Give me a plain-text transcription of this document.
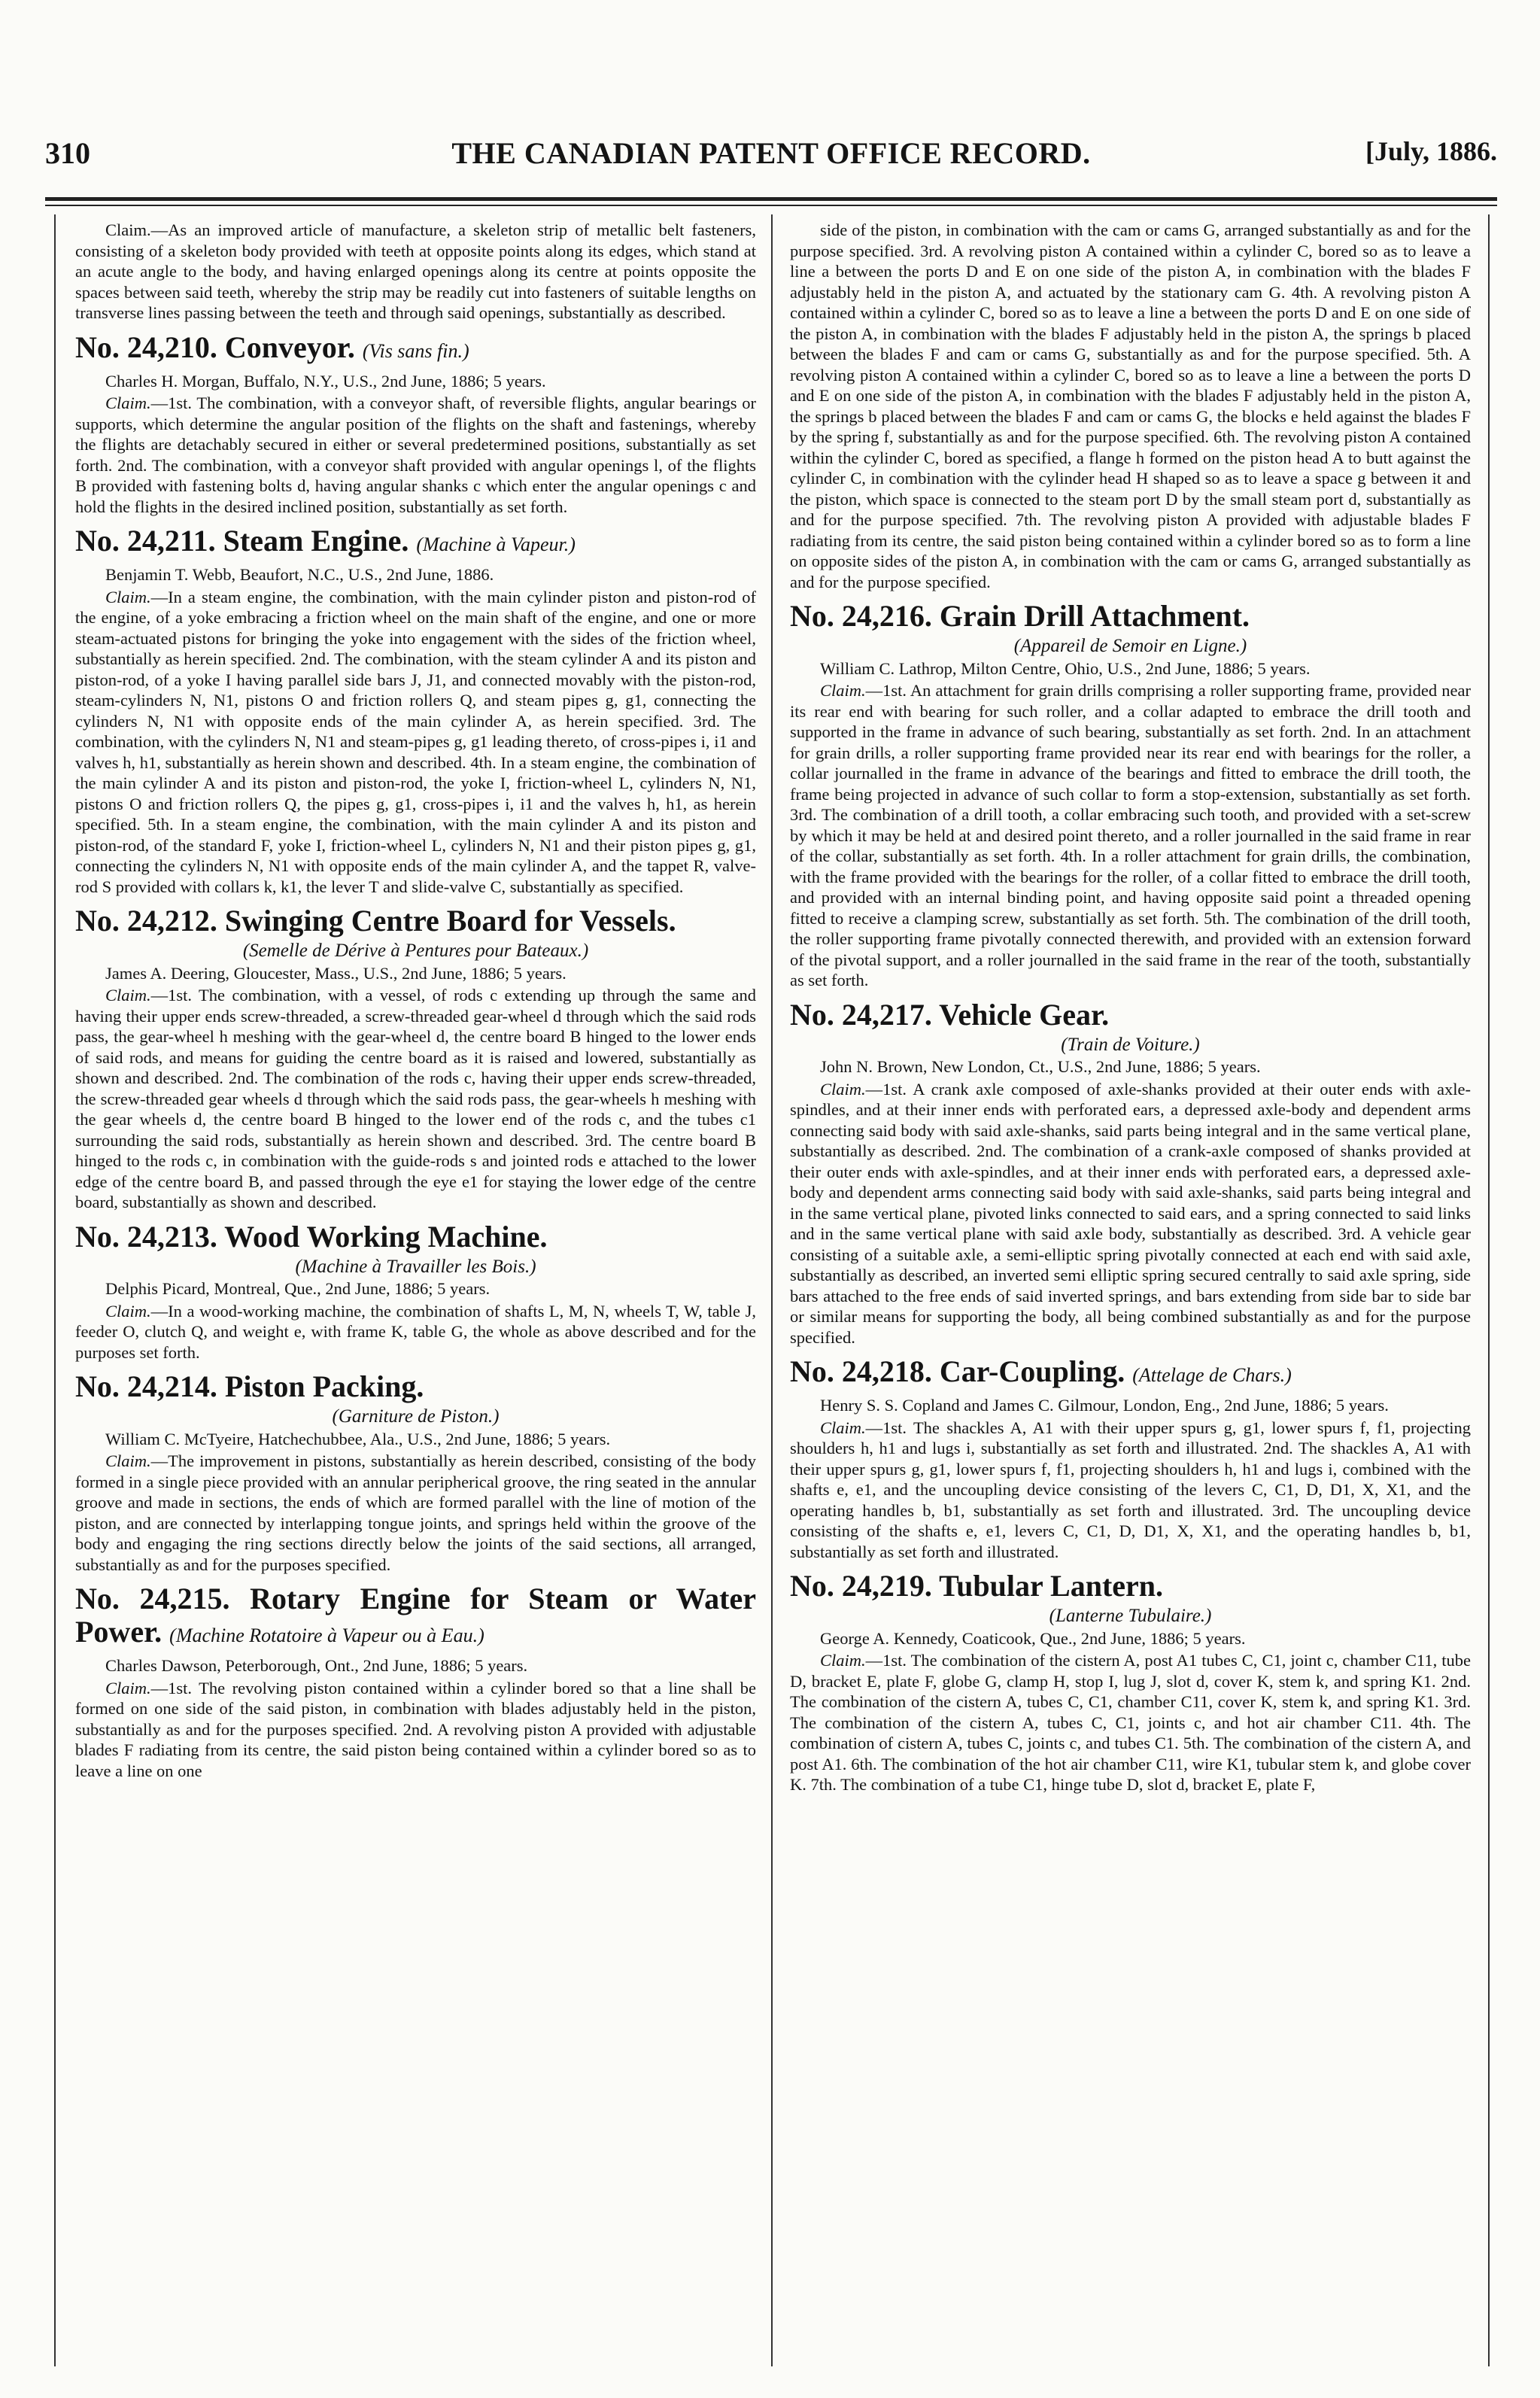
310	THE CANADIAN PATENT OFFICE RECORD.	[July, 1886.

Claim.—As an improved article of manufacture, a skeleton strip of metallic belt fasteners, consisting of a skeleton body provided with teeth at opposite points along its edges, which stand at an acute angle to the body, and having enlarged openings along its centre at points opposite the spaces between said teeth, whereby the strip may be readily cut into fasteners of suitable lengths on transverse lines passing between the teeth and through said openings, substantially as described.

No. 24,210. Conveyor. (Vis sans fin.)

Charles H. Morgan, Buffalo, N.Y., U.S., 2nd June, 1886; 5 years.

Claim.—1st. The combination, with a conveyor shaft, of reversible flights, angular bearings or supports, which determine the angular position of the flights on the shaft and fastenings, whereby the flights are detachably secured in either or several predetermined positions, substantially as set forth. 2nd. The combination, with a conveyor shaft provided with angular openings l, of the flights B provided with fastening bolts d, having angular shanks c which enter the angular openings c and hold the flights in the desired inclined position, substantially as set forth.

No. 24,211. Steam Engine. (Machine à Vapeur.)

Benjamin T. Webb, Beaufort, N.C., U.S., 2nd June, 1886.

Claim.—In a steam engine, the combination, with the main cylinder piston and piston-rod of the engine, of a yoke embracing a friction wheel on the main shaft of the engine, and one or more steam-actuated pistons for bringing the yoke into engagement with the sides of the friction wheel, substantially as herein specified. 2nd. The combination, with the steam cylinder A and its piston and piston-rod, of a yoke I having parallel side bars J, J1, and connected movably with the piston-rod, steam-cylinders N, N1, pistons O and friction rollers Q, and steam pipes g, g1, connecting the cylinders N, N1 with opposite ends of the main cylinder A, as herein specified. 3rd. The combination, with the cylinders N, N1 and steam-pipes g, g1 leading thereto, of cross-pipes i, i1 and valves h, h1, substantially as herein shown and described. 4th. In a steam engine, the combination of the main cylinder A and its piston and piston-rod, the yoke I, friction-wheel L, cylinders N, N1, pistons O and friction rollers Q, the pipes g, g1, cross-pipes i, i1 and the valves h, h1, as herein specified. 5th. In a steam engine, the combination, with the main cylinder A and its piston and piston-rod, of the standard F, yoke I, friction-wheel L, cylinders N, N1 and their piston pipes g, g1, connecting the cylinders N, N1 with opposite ends of the main cylinder A, and the tappet R, valve-rod S provided with collars k, k1, the lever T and slide-valve C, substantially as specified.

No. 24,212. Swinging Centre Board for Vessels.

(Semelle de Dérive à Pentures pour Bateaux.)

James A. Deering, Gloucester, Mass., U.S., 2nd June, 1886; 5 years.

Claim.—1st. The combination, with a vessel, of rods c extending up through the same and having their upper ends screw-threaded, a screw-threaded gear-wheel d through which the said rods pass, the gear-wheel h meshing with the gear-wheel d, the centre board B hinged to the lower ends of said rods, and means for guiding the centre board as it is raised and lowered, substantially as shown and described. 2nd. The combination of the rods c, having their upper ends screw-threaded, the screw-threaded gear wheels d through which the said rods pass, the gear-wheels h meshing with the gear wheels d, the centre board B hinged to the lower end of the rods c, and the tubes c1 surrounding the said rods, substantially as herein shown and described. 3rd. The centre board B hinged to the rods c, in combination with the guide-rods s and jointed rods e attached to the lower edge of the centre board B, and passed through the eye e1 for staying the lower edge of the centre board, substantially as shown and described.

No. 24,213. Wood Working Machine.

(Machine à Travailler les Bois.)

Delphis Picard, Montreal, Que., 2nd June, 1886; 5 years.

Claim.—In a wood-working machine, the combination of shafts L, M, N, wheels T, W, table J, feeder O, clutch Q, and weight e, with frame K, table G, the whole as above described and for the purposes set forth.

No. 24,214. Piston Packing.

(Garniture de Piston.)

William C. McTyeire, Hatchechubbee, Ala., U.S., 2nd June, 1886; 5 years.

Claim.—The improvement in pistons, substantially as herein described, consisting of the body formed in a single piece provided with an annular peripherical groove, the ring seated in the annular groove and made in sections, the ends of which are formed parallel with the line of motion of the piston, and are connected by interlapping tongue joints, and springs held within the groove of the body and engaging the ring sections directly below the joints of the said sections, all arranged, substantially as and for the purposes specified.

No. 24,215. Rotary Engine for Steam or Water Power. (Machine Rotatoire à Vapeur ou à Eau.)

Charles Dawson, Peterborough, Ont., 2nd June, 1886; 5 years.

Claim.—1st. The revolving piston contained within a cylinder bored so that a line shall be formed on one side of the said piston, in combination with blades adjustably held in the piston, substantially as and for the purposes specified. 2nd. A revolving piston A provided with adjustable blades F radiating from its centre, the said piston being contained within a cylinder bored so as to leave a line on one

side of the piston, in combination with the cam or cams G, arranged substantially as and for the purpose specified. 3rd. A revolving piston A contained within a cylinder C, bored so as to leave a line a between the ports D and E on one side of the piston A, in combination with the blades F adjustably held in the piston A, and actuated by the stationary cam G. 4th. A revolving piston A contained within a cylinder C, bored so as to leave a line a between the ports D and E on one side of the piston A, in combination with the blades F adjustably held in the piston A, the springs b placed between the blades F and cam or cams G, substantially as and for the purpose specified. 5th. A revolving piston A contained within a cylinder C, bored so as to leave a line a between the ports D and E on one side of the piston A, in combination with the blades F adjustably held in the piston A, the springs b placed between the blades F and cam or cams G, the blocks e held against the blades F by the spring f, substantially as and for the purpose specified. 6th. The revolving piston A contained within the cylinder C, bored as specified, a flange h formed on the piston head A to butt against the cylinder C, in combination with the cylinder head H shaped so as to leave a space g between it and the piston, which space is connected to the steam port D by the small steam port d, substantially as and for the purpose specified. 7th. The revolving piston A provided with adjustable blades F radiating from its centre, the said piston being contained within a cylinder bored so as to form a line on opposite sides of the piston A, in combination with the cam or cams G, arranged substantially as and for the purpose specified.

No. 24,216. Grain Drill Attachment.

(Appareil de Semoir en Ligne.)

William C. Lathrop, Milton Centre, Ohio, U.S., 2nd June, 1886; 5 years.

Claim.—1st. An attachment for grain drills comprising a roller supporting frame, provided near its rear end with bearing for such roller, and a collar adapted to embrace the drill tooth and supported in the frame in advance of such bearing, substantially as set forth. 2nd. In an attachment for grain drills, a roller supporting frame provided near its rear end with bearings for the roller, a collar journalled in the frame in advance of the bearings and fitted to embrace the drill tooth, the frame being projected in advance of such collar to form a stop-extension, substantially as set forth. 3rd. The combination of a drill tooth, a collar embracing such tooth, and provided with a set-screw by which it may be held at and desired point thereto, and a roller journalled in the said frame in rear of the collar, substantially as set forth. 4th. In a roller attachment for grain drills, the combination, with the frame provided with the bearings for the roller, of a collar fitted to embrace the drill tooth, and provided with an internal binding point, and having opposite said point a threaded opening fitted to receive a clamping screw, substantially as set forth. 5th. The combination of the drill tooth, the roller supporting frame pivotally connected therewith, and provided with an extension forward of the pivotal support, and a roller journalled in the said frame in the rear of the tooth, substantially as set forth.

No. 24,217. Vehicle Gear.

(Train de Voiture.)

John N. Brown, New London, Ct., U.S., 2nd June, 1886; 5 years.

Claim.—1st. A crank axle composed of axle-shanks provided at their outer ends with axle-spindles, and at their inner ends with perforated ears, a depressed axle-body and dependent arms connecting said body with said axle-shanks, said parts being integral and in the same vertical plane, substantially as described. 2nd. The combination of a crank-axle composed of shanks provided at their outer ends with axle-spindles, and at their inner ends with perforated ears, a depressed axle-body and dependent arms connecting said body with said axle-shanks, said parts being integral and in the same vertical plane, pivoted links connected to said ears, and a spring connected to said links and in the same vertical plane with said axle body, substantially as described. 3rd. A vehicle gear consisting of a suitable axle, a semi-elliptic spring pivotally connected at each end with said axle, substantially as described, an inverted semi elliptic spring secured centrally to said axle spring, side bars attached to the free ends of said inverted springs, and bars extending from side bar to side bar or similar means for supporting the body, all being combined substantially as and for the purpose specified.

No. 24,218. Car-Coupling. (Attelage de Chars.)

Henry S. S. Copland and James C. Gilmour, London, Eng., 2nd June, 1886; 5 years.

Claim.—1st. The shackles A, A1 with their upper spurs g, g1, lower spurs f, f1, projecting shoulders h, h1 and lugs i, substantially as set forth and illustrated. 2nd. The shackles A, A1 with their upper spurs g, g1, lower spurs f, f1, projecting shoulders h, h1 and lugs i, combined with the shafts e, e1, and the uncoupling device consisting of the levers C, C1, D, D1, X, X1, and the operating handles b, b1, substantially as set forth and illustrated. 3rd. The uncoupling device consisting of the shafts e, e1, levers C, C1, D, D1, X, X1, and the operating handles b, b1, substantially as set forth and illustrated.

No. 24,219. Tubular Lantern.

(Lanterne Tubulaire.)

George A. Kennedy, Coaticook, Que., 2nd June, 1886; 5 years.

Claim.—1st. The combination of the cistern A, post A1 tubes C, C1, joint c, chamber C11, tube D, bracket E, plate F, globe G, clamp H, stop I, lug J, slot d, cover K, stem k, and spring K1. 2nd. The combination of the cistern A, tubes C, C1, chamber C11, cover K, stem k, and spring K1. 3rd. The combination of the cistern A, tubes C, C1, joints c, and hot air chamber C11. 4th. The combination of cistern A, tubes C, joints c, and tubes C1. 5th. The combination of the cistern A, and post A1. 6th. The combination of the hot air chamber C11, wire K1, tubular stem k, and globe cover K. 7th. The combination of a tube C1, hinge tube D, slot d, bracket E, plate F,
